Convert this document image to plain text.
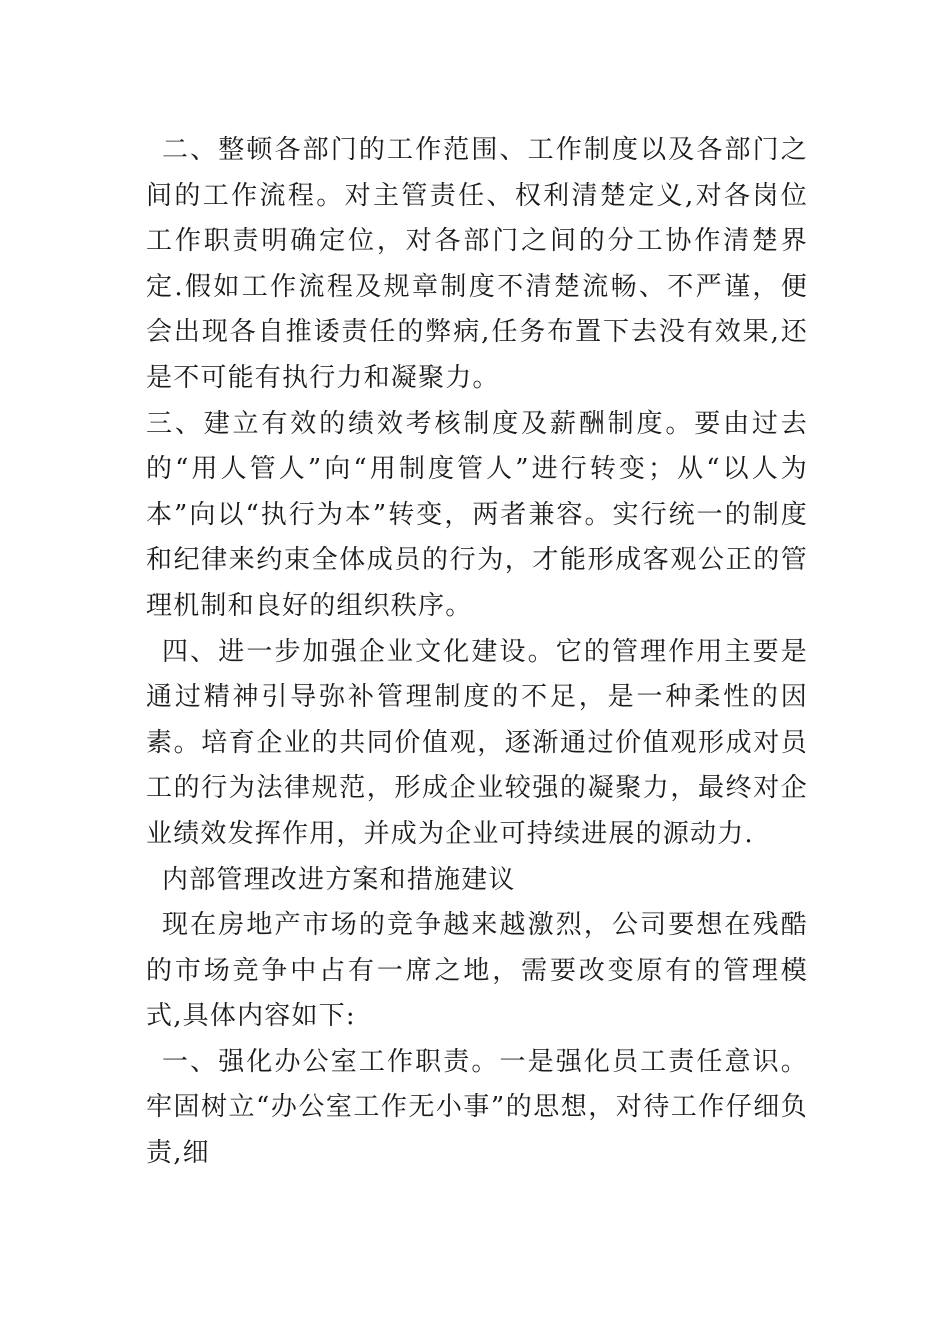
二、整顿各部门的工作范围、工作制度以及各部门之间的工作流程。对主管责任、权利清楚定义,对各岗位工作职责明确定位，对各部门之间的分工协作清楚界定.假如工作流程及规章制度不清楚流畅、不严谨，便会出现各自推诿责任的弊病,任务布置下去没有效果,还是不可能有执行力和凝聚力。

三、建立有效的绩效考核制度及薪酬制度。要由过去的“用人管人”向“用制度管人”进行转变；从“以人为本”向以“执行为本”转变，两者兼容。实行统一的制度和纪律来约束全体成员的行为，才能形成客观公正的管理机制和良好的组织秩序。

四、进一步加强企业文化建设。它的管理作用主要是通过精神引导弥补管理制度的不足，是一种柔性的因素。培育企业的共同价值观，逐渐通过价值观形成对员工的行为法律规范，形成企业较强的凝聚力，最终对企业绩效发挥作用，并成为企业可持续进展的源动力.

内部管理改进方案和措施建议

现在房地产市场的竞争越来越激烈，公司要想在残酷的市场竞争中占有一席之地，需要改变原有的管理模式,具体内容如下:

一、强化办公室工作职责。一是强化员工责任意识。牢固树立“办公室工作无小事”的思想，对待工作仔细负责,细
